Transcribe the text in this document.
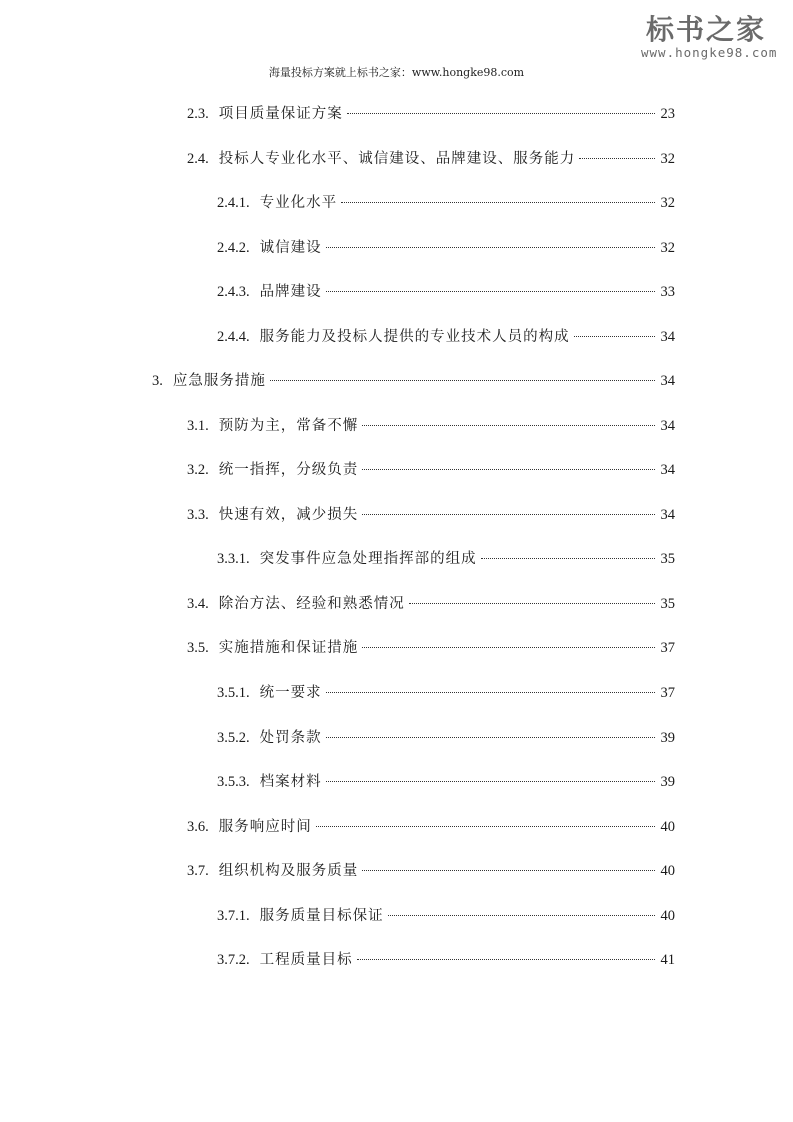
标书之家
www.hongke98.com
海量投标方案就上标书之家：www.hongke98.com
2.3. 项目质量保证方案	23
2.4. 投标人专业化水平、诚信建设、品牌建设、服务能力	32
2.4.1. 专业化水平	32
2.4.2. 诚信建设	32
2.4.3. 品牌建设	33
2.4.4. 服务能力及投标人提供的专业技术人员的构成	34
3. 应急服务措施	34
3.1. 预防为主，常备不懈	34
3.2. 统一指挥，分级负责	34
3.3. 快速有效，减少损失	34
3.3.1. 突发事件应急处理指挥部的组成	35
3.4. 除治方法、经验和熟悉情况	35
3.5. 实施措施和保证措施	37
3.5.1. 统一要求	37
3.5.2. 处罚条款	39
3.5.3. 档案材料	39
3.6. 服务响应时间	40
3.7. 组织机构及服务质量	40
3.7.1. 服务质量目标保证	40
3.7.2. 工程质量目标	41
